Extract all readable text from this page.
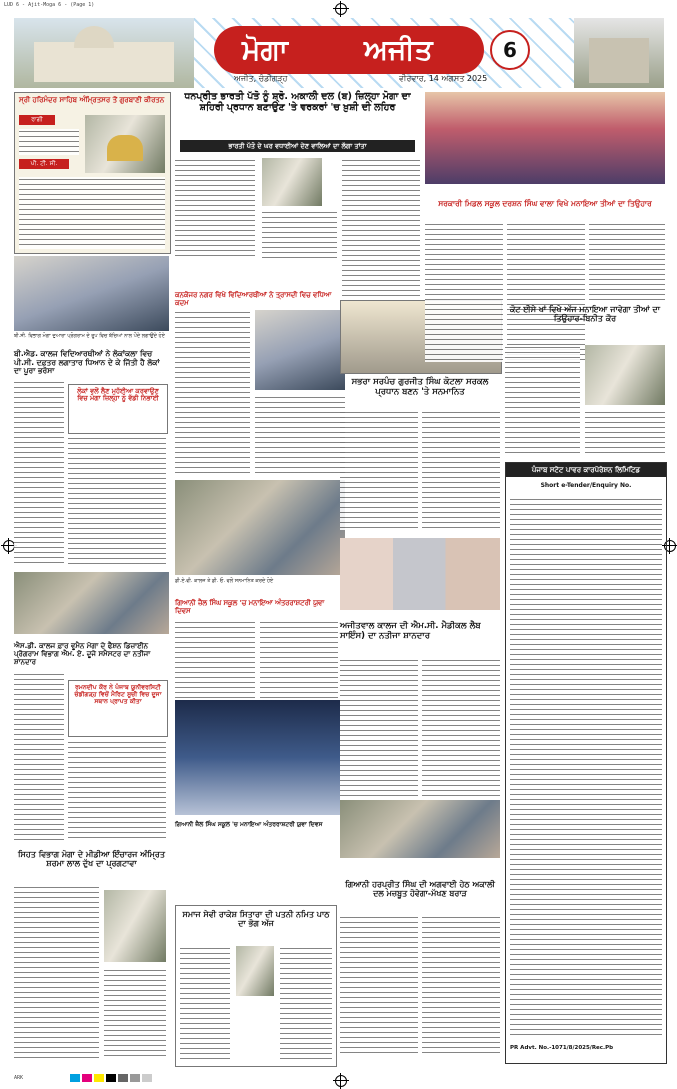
LUD 6 - Ajit-Moga 6 - (Page 1)
ਮੋਗਾ	ਅਜੀਤ	6
ਅਜੀਤ, ਚੰਡੀਗੜ੍ਹ	ਵੀਰਵਾਰ, 14 ਅਗਸਤ 2025
ਸ੍ਰੀ ਹਰਿਮੰਦਰ ਸਾਹਿਬ ਅੰਮ੍ਰਿਤਸਰ ਤੋਂ ਗੁਰਬਾਣੀ ਕੀਰਤਨ
ਰਾਗੀ
ਪੀ. ਟੀ. ਸੀ.
ਬੀ.ਸੀ. ਵਿਭਾਗ ਮੋਗਾ ਦੁਆਰਾ ਪ੍ਰੋਗਰਾਮ ਦੇ ਰੂਪ ਵਿਚ ਬੱਚਿਆਂ ਨਾਲ ਪੌਦੇ ਲਗਾਉਂਦੇ ਹੋਏ
ਬੀ.ਐਡ. ਕਾਲਜ ਵਿਦਿਆਰਥੀਆਂ ਨੇ ਲੋਕਾਂਕਲਾ ਵਿਚ ਪੀ.ਸੀ. ਦਫ਼ਤਰ ਲਗਾਤਾਰ ਧਿਆਨ ਦੇ ਕੇ ਜਿੱਤੀ ਹੈ ਲੋਕਾਂ ਦਾ ਪੂਰਾ ਭਰੋਸਾ
ਲੋਕਾਂ ਵਲੋਂ ਲੈਣ ਮੁਹੱਈਆ ਕਰਵਾਉਣ ਵਿਚ ਮੋਗਾ ਜ਼ਿਲ੍ਹਾ ਨੂੰ ਵੱਡੀ ਨਿਭਾਈ
ਐਸ.ਡੀ. ਕਾਲਜ ਫ਼ਾਰ ਵੂਮੈਨ ਮੋਗਾ ਦੇ ਫੈਸ਼ਨ ਡਿਜ਼ਾਈਨ ਪ੍ਰੋਗਰਾਮ ਵਿਭਾਗ ਐਮ. ਏ. ਦੂਜੇ ਸਮੈਸਟਰ ਦਾ ਨਤੀਜਾ ਸ਼ਾਨਦਾਰ
ਰਮਨਦੀਪ ਕੌਰ ਨੇ ਪੰਜਾਬ ਯੂਨੀਵਰਸਿਟੀ ਚੰਡੀਗੜ੍ਹ ਵਿਚੋਂ ਮੈਰਿਟ ਸੂਚੀ ਵਿਚ ਦੂਜਾ ਸਥਾਨ ਪ੍ਰਾਪਤ ਕੀਤਾ
ਸਿਹਤ ਵਿਭਾਗ ਮੋਗਾ ਦੇ ਮੀਡੀਆ ਇੰਚਾਰਜ ਅੰਮ੍ਰਿਤ ਸ਼ਰਮਾ ਲਾਲ ਦੁੱਖ ਦਾ ਪ੍ਰਗਟਾਵਾ
ਧਨਪ੍ਰੀਤ ਭਾਰਤੀ ਪੱਤੋ ਨੂੰ ਸ਼੍ਰੋ. ਅਕਾਲੀ ਦਲ (ਬ) ਜ਼ਿਲ੍ਹਾ ਮੋਗਾ ਦਾ ਸ਼ਹਿਰੀ ਪ੍ਰਧਾਨ ਬਣਾਉਣ 'ਤੇ ਵਰਕਰਾਂ 'ਚ ਖ਼ੁਸ਼ੀ ਦੀ ਲਹਿਰ
ਭਾਰਤੀ ਪੱਤੋ ਦੇ ਘਰ ਵਧਾਈਆਂ ਦੇਣ ਵਾਲਿਆਂ ਦਾ ਲੱਗਾ ਤਾਂਤਾ
ਕਨਕੋਜਰ ਨਗਰ ਵਿਖੇ ਵਿਦਿਆਰਥੀਆਂ ਨੇ ਤ੍ਰਾਸਦੀ ਵਿਚ ਵਧਿਆ ਕਦਮ
ਡੀ.ਏ.ਵੀ. ਕਾਲਜ ਤੇ ਡੀ. ਓ. ਵਲੋਂ ਸਨਮਾਨਿਤ ਕਰਦੇ ਹੋਏ
ਸਭਰਾ ਸਰਪੰਚ ਗੁਰਜੀਤ ਸਿੰਘ ਕੋਟਲਾ ਸਰਕਲ ਪ੍ਰਧਾਨ ਬਣਨ 'ਤੇ ਸਨਮਾਨਿਤ
ਗਿਆਨੀ ਜ਼ੈਲ ਸਿੰਘ ਸਕੂਲ 'ਚ ਮਨਾਇਆ ਅੰਤਰਰਾਸ਼ਟਰੀ ਯੁਵਾ ਦਿਵਸ
ਗਿਆਨੀ ਜ਼ੈਲ ਸਿੰਘ ਸਕੂਲ 'ਚ ਮਨਾਇਆ ਅੰਤਰਰਾਸ਼ਟਰੀ ਯੁਵਾ ਦਿਵਸ
ਅਜੀਤਵਾਲ ਕਾਲਜ ਦੀ ਐਮ.ਸੀ. ਮੈਡੀਕਲ ਲੈਬ ਸਾਇੰਸ) ਦਾ ਨਤੀਜਾ ਸ਼ਾਨਦਾਰ
ਗਿਆਨੀ ਹਰਪ੍ਰੀਤ ਸਿੰਘ ਦੀ ਅਗਵਾਈ ਹੇਠ ਅਕਾਲੀ ਦਲ ਮਜ਼ਬੂਤ ਹੋਵੇਗਾ-ਮੱਖਣ ਬਰਾੜ
ਸਮਾਜ ਸੇਵੀ ਰਾਕੇਸ਼ ਸਿਤਾਰਾ ਦੀ ਪਤਨੀ ਨਮਿਤ ਪਾਠ ਦਾ ਭੋਗ ਅੱਜ
ਸਰਕਾਰੀ ਮਿਡਲ ਸਕੂਲ ਦਰਸ਼ਨ ਸਿੰਘ ਵਾਲਾ ਵਿਖੇ ਮਨਾਇਆ ਤੀਆਂ ਦਾ ਤਿਉਹਾਰ
ਕੋਟ ਈਸੇ ਖਾਂ ਵਿਖੇ ਅੱਜ ਮਨਾਇਆ ਜਾਵੇਗਾ ਤੀਆਂ ਦਾ ਤਿਉਹਾਰ-ਬਿਨੀਤ ਕੌਰ
ਪੰਜਾਬ ਸਟੇਟ ਪਾਵਰ ਕਾਰਪੋਰੇਸ਼ਨ ਲਿਮਿਟਿਡ
Short e-Tender/Enquiry No.
PR Advt. No.-1071/8/2025/Rec.Pb
ARK
